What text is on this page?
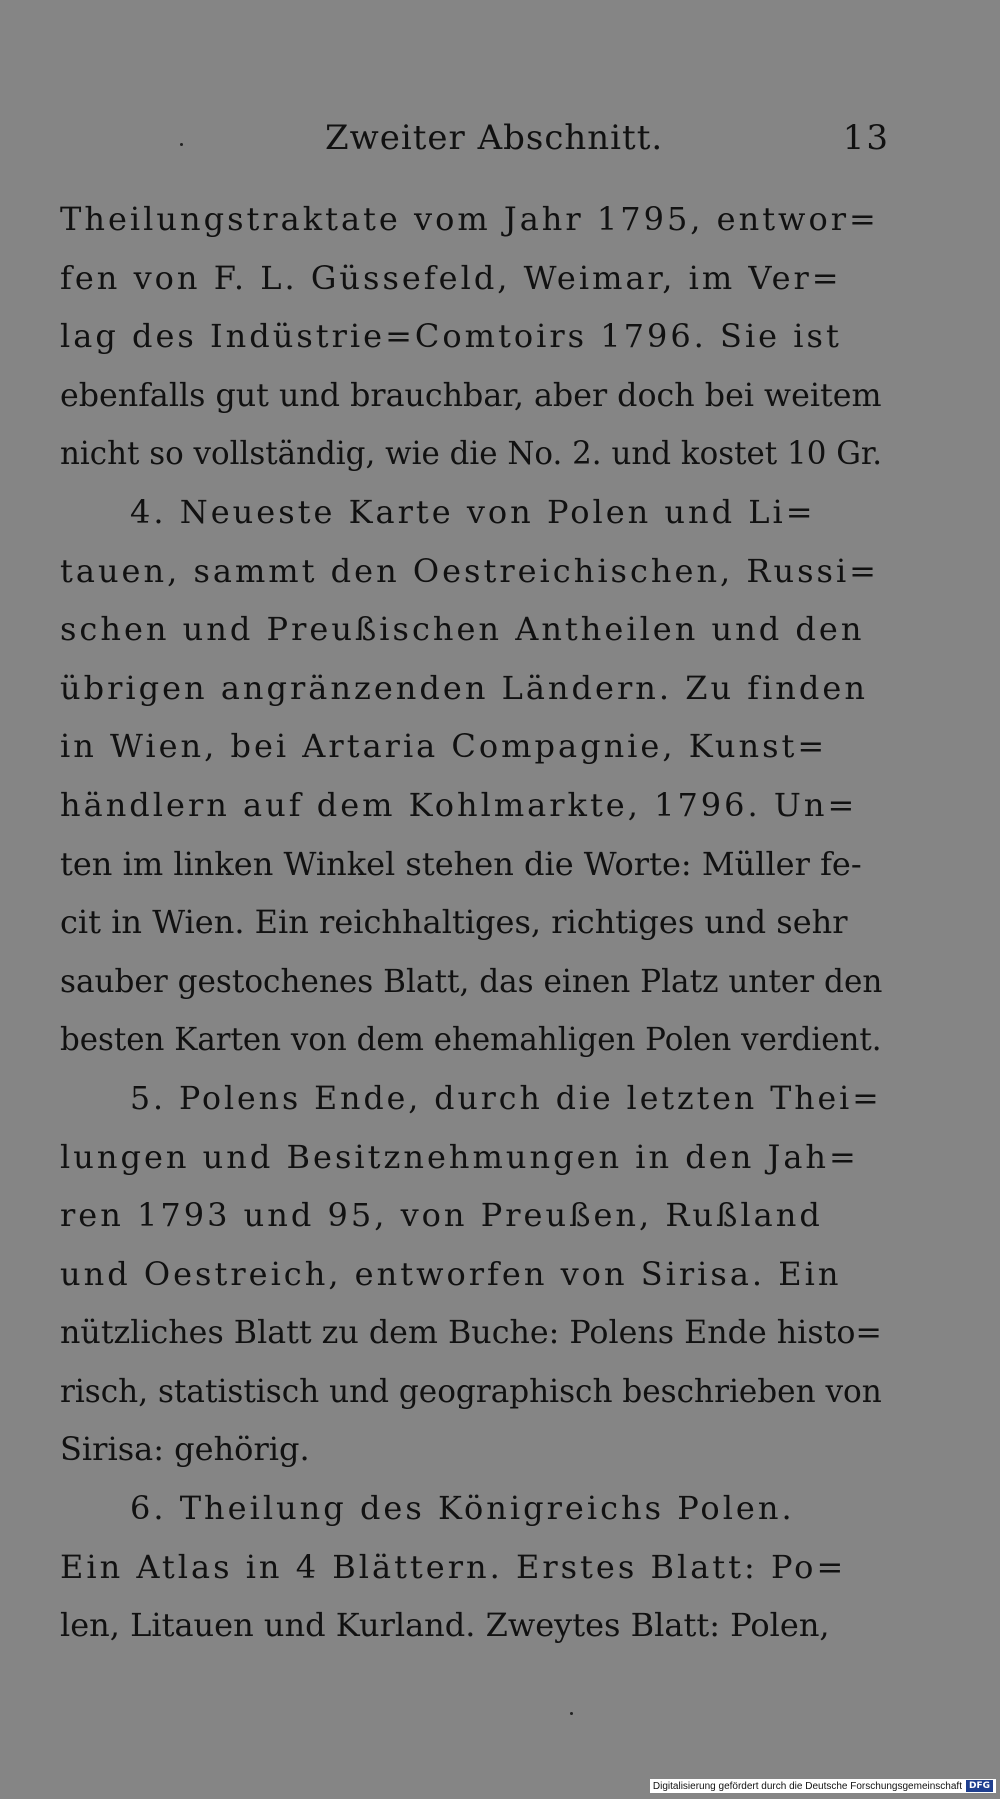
Zweiter Abschnitt.	13
Theilungstraktate vom Jahr 1795, entwor=
fen von F. L. Güssefeld, Weimar, im Ver=
lag des Indüstrie=Comtoirs 1796. Sie ist
ebenfalls gut und brauchbar, aber doch bei weitem
nicht so vollständig, wie die No. 2. und kostet 10 Gr.
4. Neueste Karte von Polen und Li=
tauen, sammt den Oestreichischen, Russi=
schen und Preußischen Antheilen und den
übrigen angränzenden Ländern. Zu finden
in Wien, bei Artaria Compagnie, Kunst=
händlern auf dem Kohlmarkte, 1796. Un=
ten im linken Winkel stehen die Worte: Müller fe-
cit in Wien. Ein reichhaltiges, richtiges und sehr
sauber gestochenes Blatt, das einen Platz unter den
besten Karten von dem ehemahligen Polen verdient.
5. Polens Ende, durch die letzten Thei=
lungen und Besitznehmungen in den Jah=
ren 1793 und 95, von Preußen, Rußland
und Oestreich, entworfen von Sirisa. Ein
nützliches Blatt zu dem Buche: Polens Ende histo=
risch, statistisch und geographisch beschrieben von
Sirisa: gehörig.
6. Theilung des Königreichs Polen.
Ein Atlas in 4 Blättern. Erstes Blatt: Po=
len, Litauen und Kurland. Zweytes Blatt: Polen,
Digitalisierung gefördert durch die Deutsche Forschungsgemeinschaft DFG
